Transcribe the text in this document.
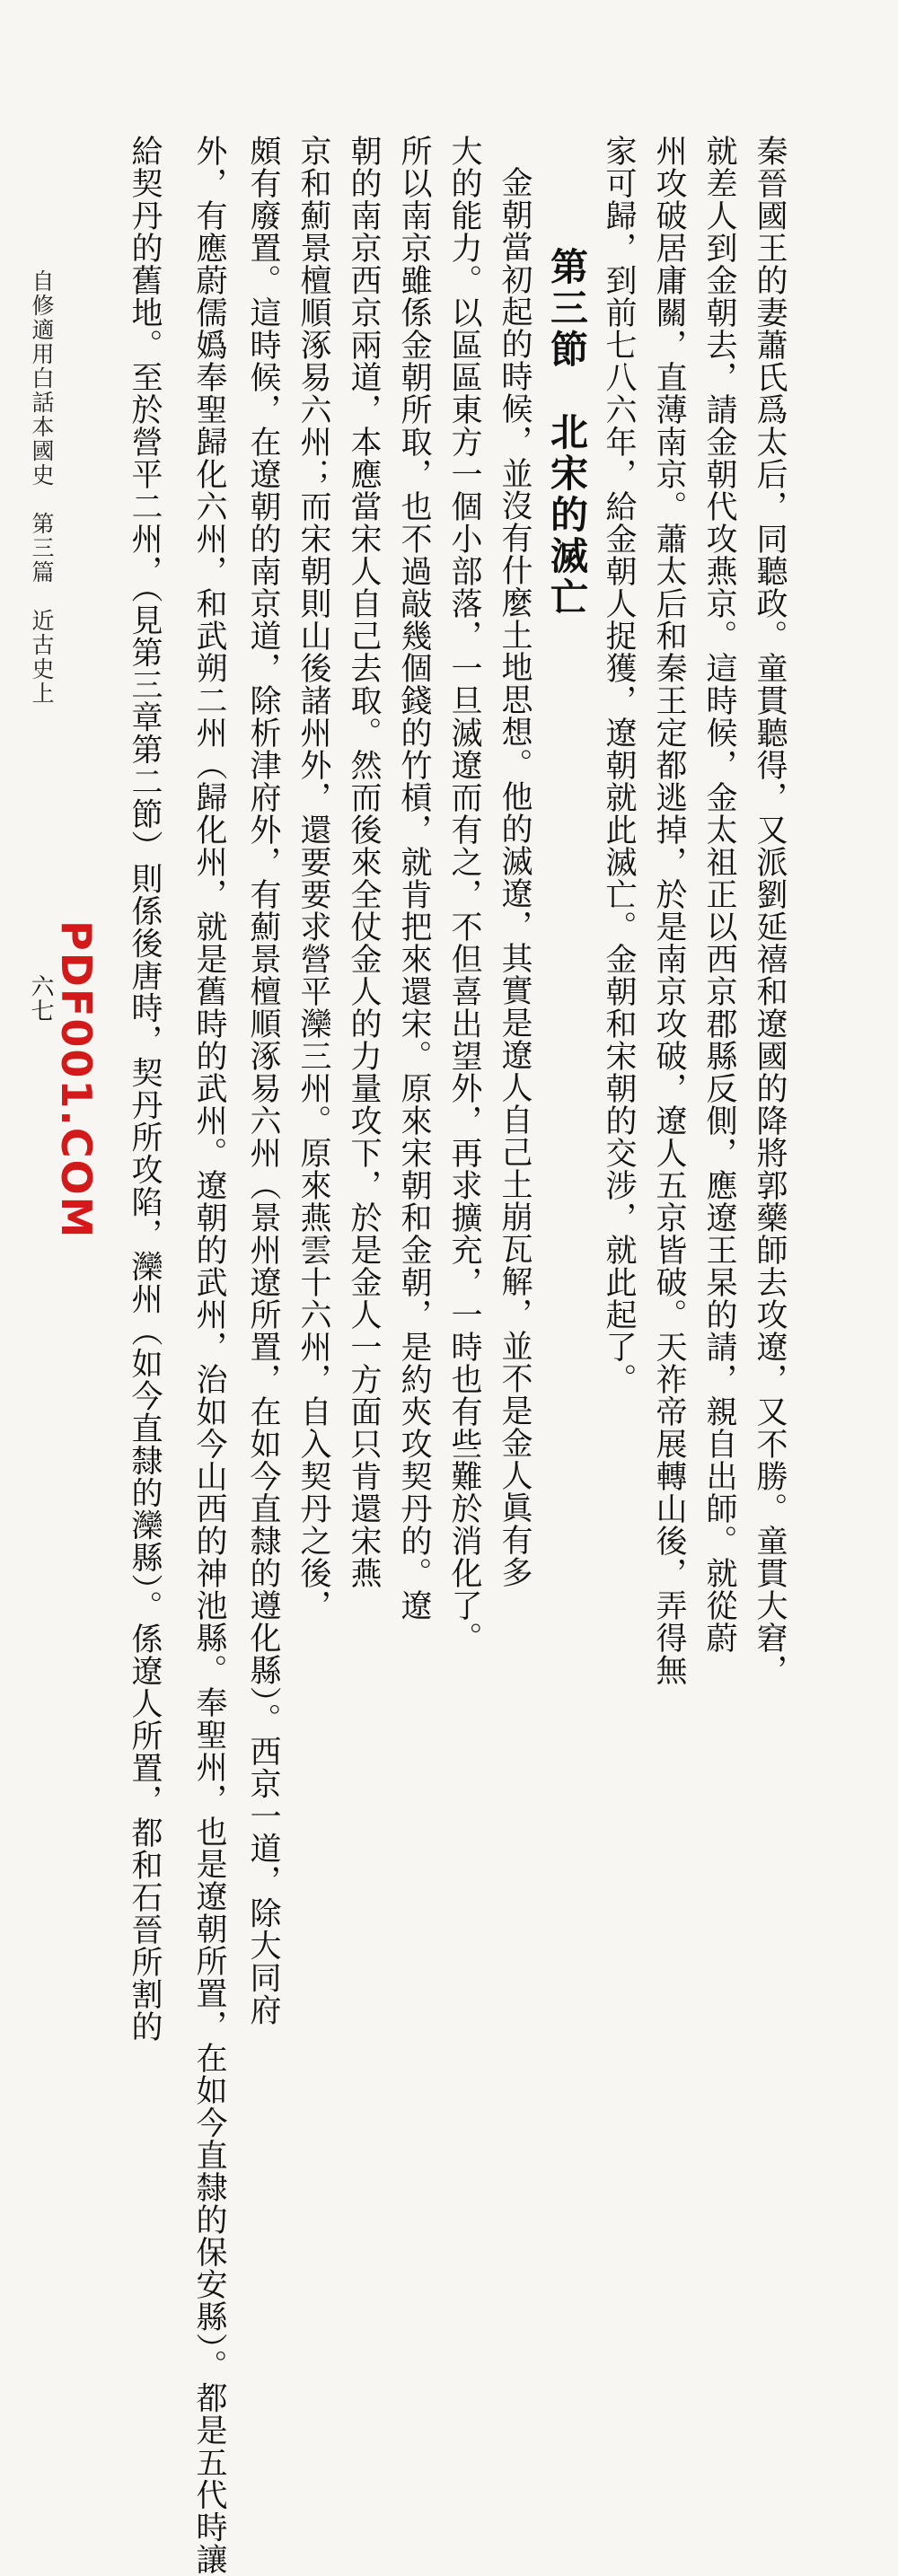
秦晉國王的妻蕭氏爲太后，同聽政。童貫聽得，又派劉延禧和遼國的降將郭藥師去攻遼，又不勝。童貫大窘，
就差人到金朝去，請金朝代攻燕京。這時候，金太祖正以西京郡縣反側，應遼王杲的請，親自出師。就從蔚
州攻破居庸關，直薄南京。蕭太后和秦王定都逃掉，於是南京攻破，遼人五京皆破。天祚帝展轉山後，弄得無
家可歸，到前七八六年，給金朝人捉獲，遼朝就此滅亡。金朝和宋朝的交涉，就此起了。
第三節　北宋的滅亡
金朝當初起的時候，並沒有什麼土地思想。他的滅遼，其實是遼人自己土崩瓦解，並不是金人眞有多
大的能力。以區區東方一個小部落，一旦滅遼而有之，不但喜出望外，再求擴充，一時也有些難於消化了。
所以南京雖係金朝所取，也不過敲幾個錢的竹槓，就肯把來還宋。原來宋朝和金朝，是約夾攻契丹的。遼
朝的南京西京兩道，本應當宋人自己去取。然而後來全仗金人的力量攻下，於是金人一方面只肯還宋燕
京和薊景檀順涿易六州；而宋朝則山後諸州外，還要要求營平灤三州。原來燕雲十六州，自入契丹之後，
頗有廢置。這時候，在遼朝的南京道，除析津府外，有薊景檀順涿易六州（景州遼所置，在如今直隸的遵化縣）。西京一道，除大同府
外，有應蔚儒嬀奉聖歸化六州，和武朔二州（歸化州，就是舊時的武州。遼朝的武州，治如今山西的神池縣。奉聖州，也是遼朝所置，在如今直隸的保安縣）。都是五代時讓
給契丹的舊地。至於營平二州，（見第三章第二節）則係後唐時，契丹所攻陷，灤州（如今直隸的灤縣）。係遼人所置，都和石晉所割的
自修適用白話本國史　第三篇　近古史上
PDF001.COM
六七
